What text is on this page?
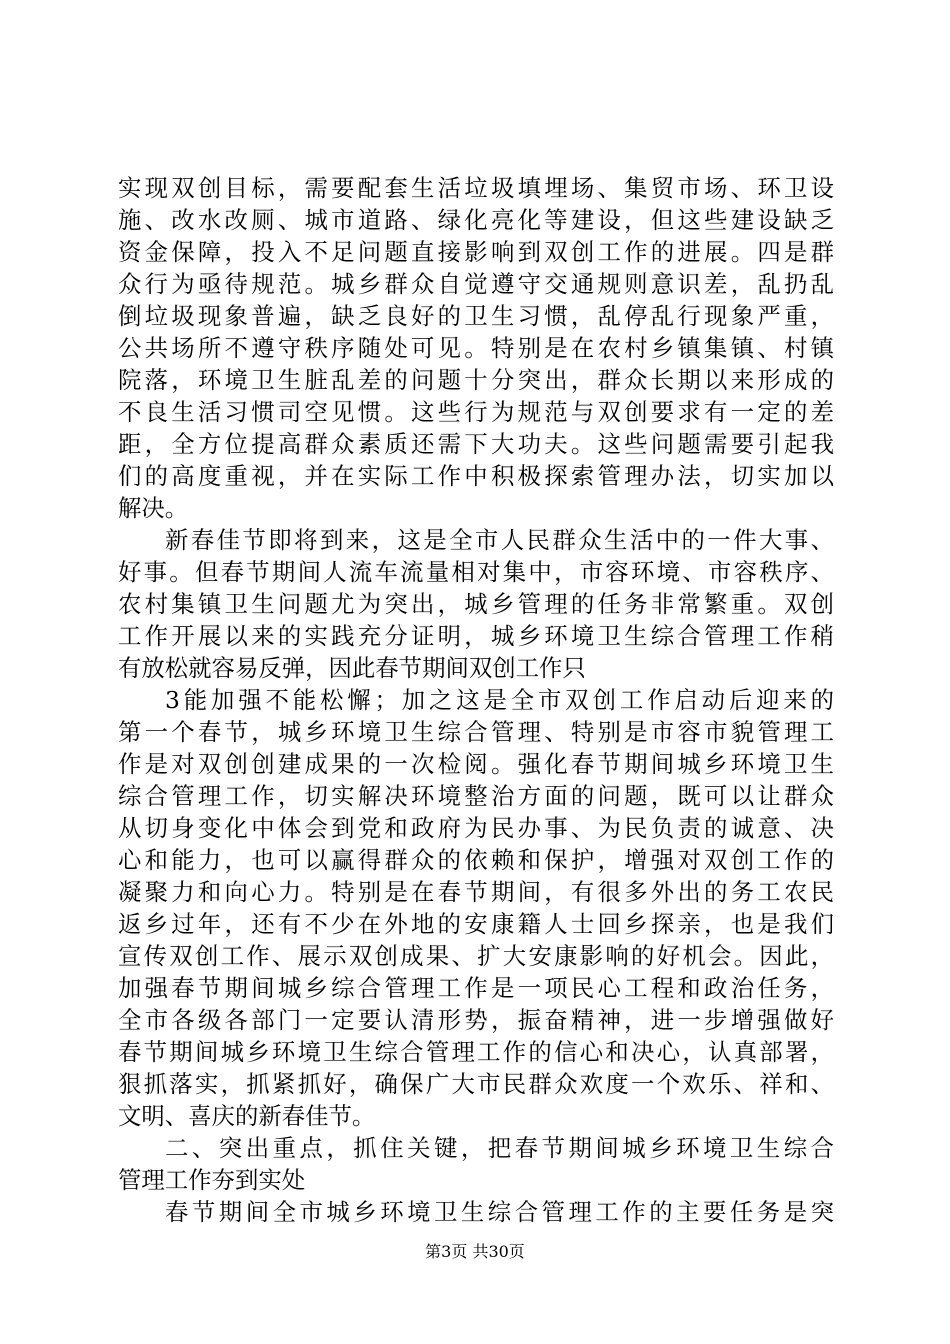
实现双创目标，需要配套生活垃圾填埋场、集贸市场、环卫设
施、改水改厕、城市道路、绿化亮化等建设，但这些建设缺乏
资金保障，投入不足问题直接影响到双创工作的进展。四是群
众行为亟待规范。城乡群众自觉遵守交通规则意识差，乱扔乱
倒垃圾现象普遍，缺乏良好的卫生习惯，乱停乱行现象严重，
公共场所不遵守秩序随处可见。特别是在农村乡镇集镇、村镇
院落，环境卫生脏乱差的问题十分突出，群众长期以来形成的
不良生活习惯司空见惯。这些行为规范与双创要求有一定的差
距，全方位提高群众素质还需下大功夫。这些问题需要引起我
们的高度重视，并在实际工作中积极探索管理办法，切实加以
解决。
新春佳节即将到来，这是全市人民群众生活中的一件大事、
好事。但春节期间人流车流量相对集中，市容环境、市容秩序、
农村集镇卫生问题尤为突出，城乡管理的任务非常繁重。双创
工作开展以来的实践充分证明，城乡环境卫生综合管理工作稍
有放松就容易反弹，因此春节期间双创工作只
3能加强不能松懈；加之这是全市双创工作启动后迎来的
第一个春节，城乡环境卫生综合管理、特别是市容市貌管理工
作是对双创创建成果的一次检阅。强化春节期间城乡环境卫生
综合管理工作，切实解决环境整治方面的问题，既可以让群众
从切身变化中体会到党和政府为民办事、为民负责的诚意、决
心和能力，也可以赢得群众的依赖和保护，增强对双创工作的
凝聚力和向心力。特别是在春节期间，有很多外出的务工农民
返乡过年，还有不少在外地的安康籍人士回乡探亲，也是我们
宣传双创工作、展示双创成果、扩大安康影响的好机会。因此，
加强春节期间城乡综合管理工作是一项民心工程和政治任务，
全市各级各部门一定要认清形势，振奋精神，进一步增强做好
春节期间城乡环境卫生综合管理工作的信心和决心，认真部署，
狠抓落实，抓紧抓好，确保广大市民群众欢度一个欢乐、祥和、
文明、喜庆的新春佳节。
二、突出重点，抓住关键，把春节期间城乡环境卫生综合
管理工作夯到实处
春节期间全市城乡环境卫生综合管理工作的主要任务是突
第3页 共30页
